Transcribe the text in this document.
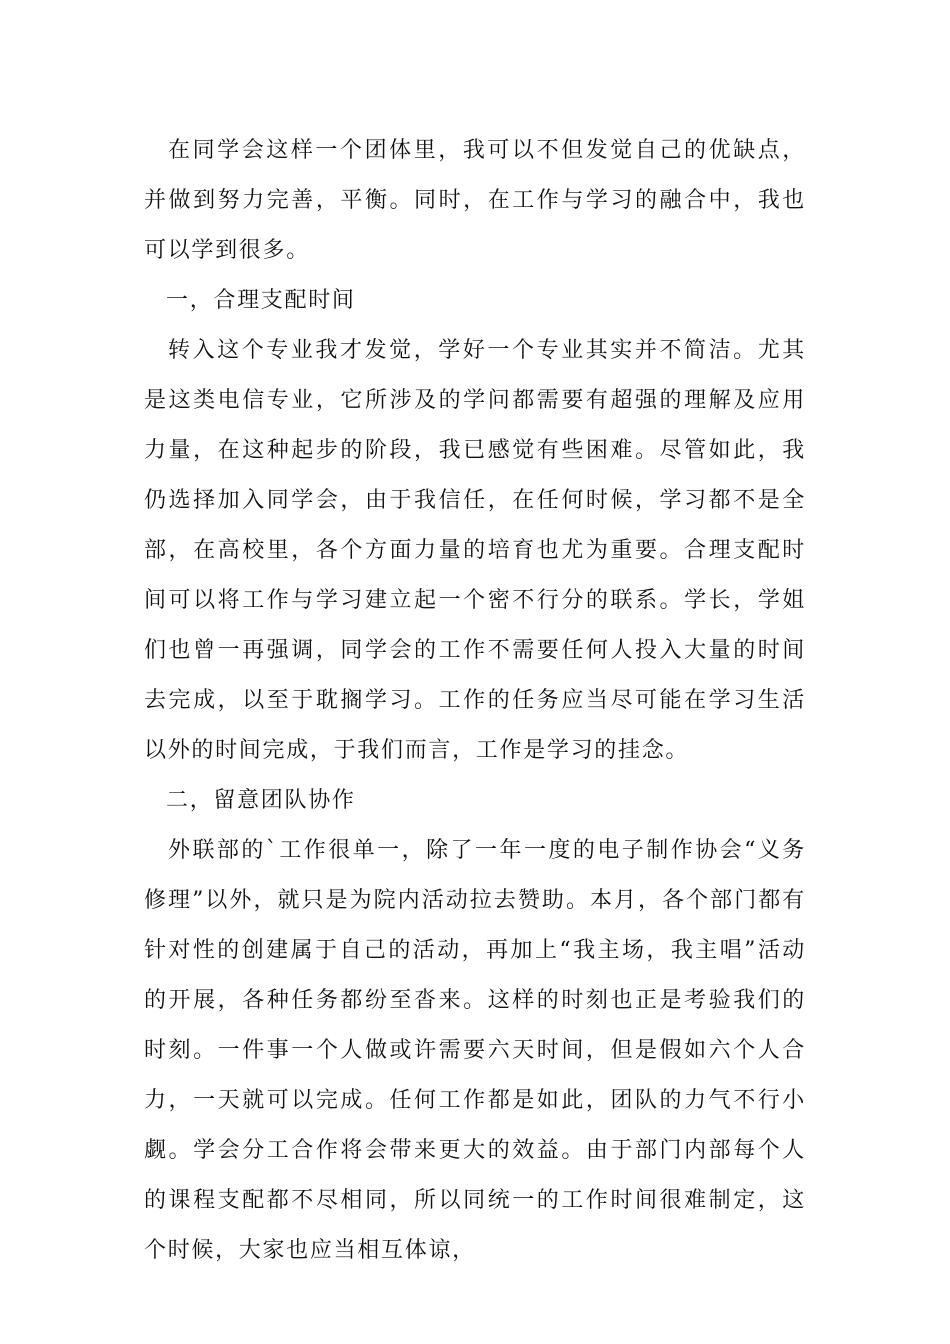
在同学会这样一个团体里，我可以不但发觉自己的优缺点，并做到努力完善，平衡。同时，在工作与学习的融合中，我也可以学到很多。

一，合理支配时间

转入这个专业我才发觉，学好一个专业其实并不简洁。尤其是这类电信专业，它所涉及的学问都需要有超强的理解及应用力量，在这种起步的阶段，我已感觉有些困难。尽管如此，我仍选择加入同学会，由于我信任，在任何时候，学习都不是全部，在高校里，各个方面力量的培育也尤为重要。合理支配时间可以将工作与学习建立起一个密不行分的联系。学长，学姐们也曾一再强调，同学会的工作不需要任何人投入大量的时间去完成，以至于耽搁学习。工作的任务应当尽可能在学习生活以外的时间完成，于我们而言，工作是学习的挂念。

二，留意团队协作

外联部的`工作很单一，除了一年一度的电子制作协会“义务修理”以外，就只是为院内活动拉去赞助。本月，各个部门都有针对性的创建属于自己的活动，再加上“我主场，我主唱”活动的开展，各种任务都纷至沓来。这样的时刻也正是考验我们的时刻。一件事一个人做或许需要六天时间，但是假如六个人合力，一天就可以完成。任何工作都是如此，团队的力气不行小觑。学会分工合作将会带来更大的效益。由于部门内部每个人的课程支配都不尽相同，所以同统一的工作时间很难制定，这个时候，大家也应当相互体谅，
